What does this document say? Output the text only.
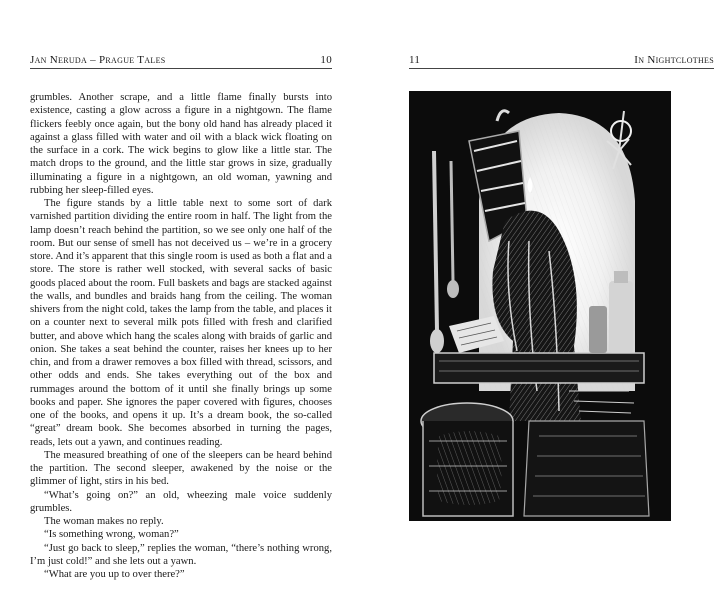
Jan Neruda – Prague Tales	10

grumbles. Another scrape, and a little flame finally bursts into existence, casting a glow across a figure in a nightgown. The flame flickers feebly once again, but the bony old hand has already placed it against a glass filled with water and oil with a black wick floating on the surface in a cork. The wick begins to glow like a little star. The match drops to the ground, and the little star grows in size, gradually illuminating a figure in a nightgown, an old woman, yawning and rubbing her sleep-filled eyes.

The figure stands by a little table next to some sort of dark varnished partition dividing the entire room in half. The light from the lamp doesn’t reach behind the partition, so we see only one half of the room. But our sense of smell has not deceived us – we’re in a grocery store. And it’s apparent that this single room is used as both a flat and a store. The store is rather well stocked, with several sacks of basic goods placed about the room. Full baskets and bags are stacked against the walls, and bundles and braids hang from the ceiling. The woman shivers from the night cold, takes the lamp from the table, and places it on a counter next to several milk pots filled with fresh and clarified butter, and above which hang the scales along with braids of garlic and onion. She takes a seat behind the counter, raises her knees up to her chin, and from a drawer removes a box filled with thread, scissors, and other odds and ends. She takes everything out of the box and rummages around the bottom of it until she finally brings up some books and paper. She ignores the paper covered with figures, chooses one of the books, and opens it up. It’s a dream book, the so-called “great” dream book. She becomes absorbed in turning the pages, reads, lets out a yawn, and continues reading.

The measured breathing of one of the sleepers can be heard behind the partition. The second sleeper, awakened by the noise or the glimmer of light, stirs in his bed.

“What’s going on?” an old, wheezing male voice suddenly grumbles.

The woman makes no reply.

“Is something wrong, woman?”

“Just go back to sleep,” replies the woman, “there’s nothing wrong, I’m just cold!” and she lets out a yawn.

“What are you up to over there?”

11	In Nightclothes
